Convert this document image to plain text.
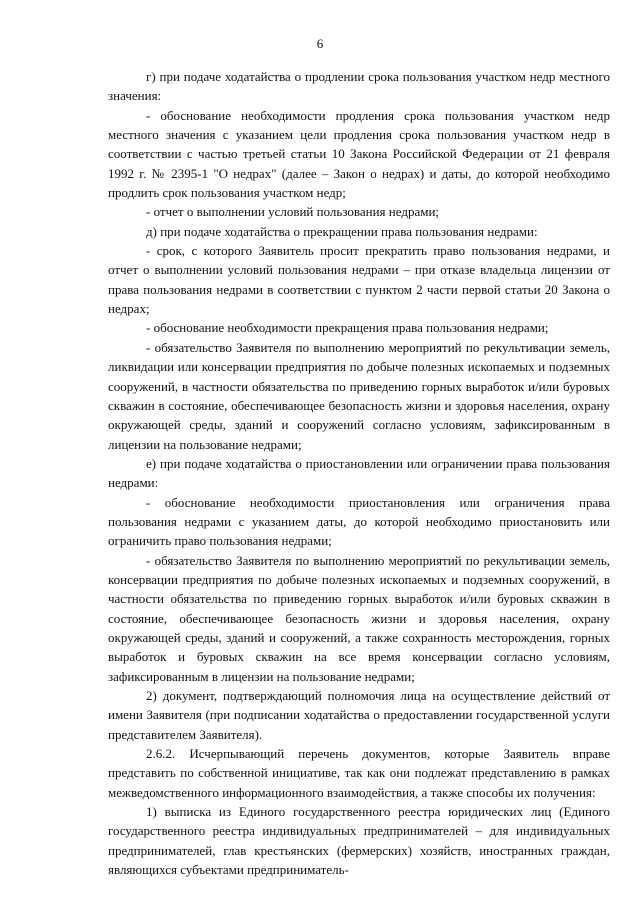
6

г) при подаче ходатайства о продлении срока пользования участком недр местного значения:

- обоснование необходимости продления срока пользования участком недр местного значения с указанием цели продления срока пользования участком недр в соответствии с частью третьей статьи 10 Закона Российской Федерации от 21 февраля 1992 г. № 2395-1 "О недрах" (далее – Закон о недрах) и даты, до которой необходимо продлить срок пользования участком недр;

- отчет о выполнении условий пользования недрами;

д) при подаче ходатайства о прекращении права пользования недрами:

- срок, с которого Заявитель просит прекратить право пользования недрами, и отчет о выполнении условий пользования недрами – при отказе владельца лицензии от права пользования недрами в соответствии с пунктом 2 части первой статьи 20 Закона о недрах;

- обоснование необходимости прекращения права пользования недрами;

- обязательство Заявителя по выполнению мероприятий по рекультивации земель, ликвидации или консервации предприятия по добыче полезных ископаемых и подземных сооружений, в частности обязательства по приведению горных выработок и/или буровых скважин в состояние, обеспечивающее безопасность жизни и здоровья населения, охрану окружающей среды, зданий и сооружений согласно условиям, зафиксированным в лицензии на пользование недрами;

е) при подаче ходатайства о приостановлении или ограничении права пользования недрами:

- обоснование необходимости приостановления или ограничения права пользования недрами с указанием даты, до которой необходимо приостановить или ограничить право пользования недрами;

- обязательство Заявителя по выполнению мероприятий по рекультивации земель, консервации предприятия по добыче полезных ископаемых и подземных сооружений, в частности обязательства по приведению горных выработок и/или буровых скважин в состояние, обеспечивающее безопасность жизни и здоровья населения, охрану окружающей среды, зданий и сооружений, а также сохранность месторождения, горных выработок и буровых скважин на все время консервации согласно условиям, зафиксированным в лицензии на пользование недрами;

2) документ, подтверждающий полномочия лица на осуществление действий от имени Заявителя (при подписании ходатайства о предоставлении государственной услуги представителем Заявителя).

2.6.2. Исчерпывающий перечень документов, которые Заявитель вправе представить по собственной инициативе, так как они подлежат представлению в рамках межведомственного информационного взаимодействия, а также способы их получения:

1) выписка из Единого государственного реестра юридических лиц (Единого государственного реестра индивидуальных предпринимателей – для индивидуальных предпринимателей, глав крестьянских (фермерских) хозяйств, иностранных граждан, являющихся субъектами предприниматель-
